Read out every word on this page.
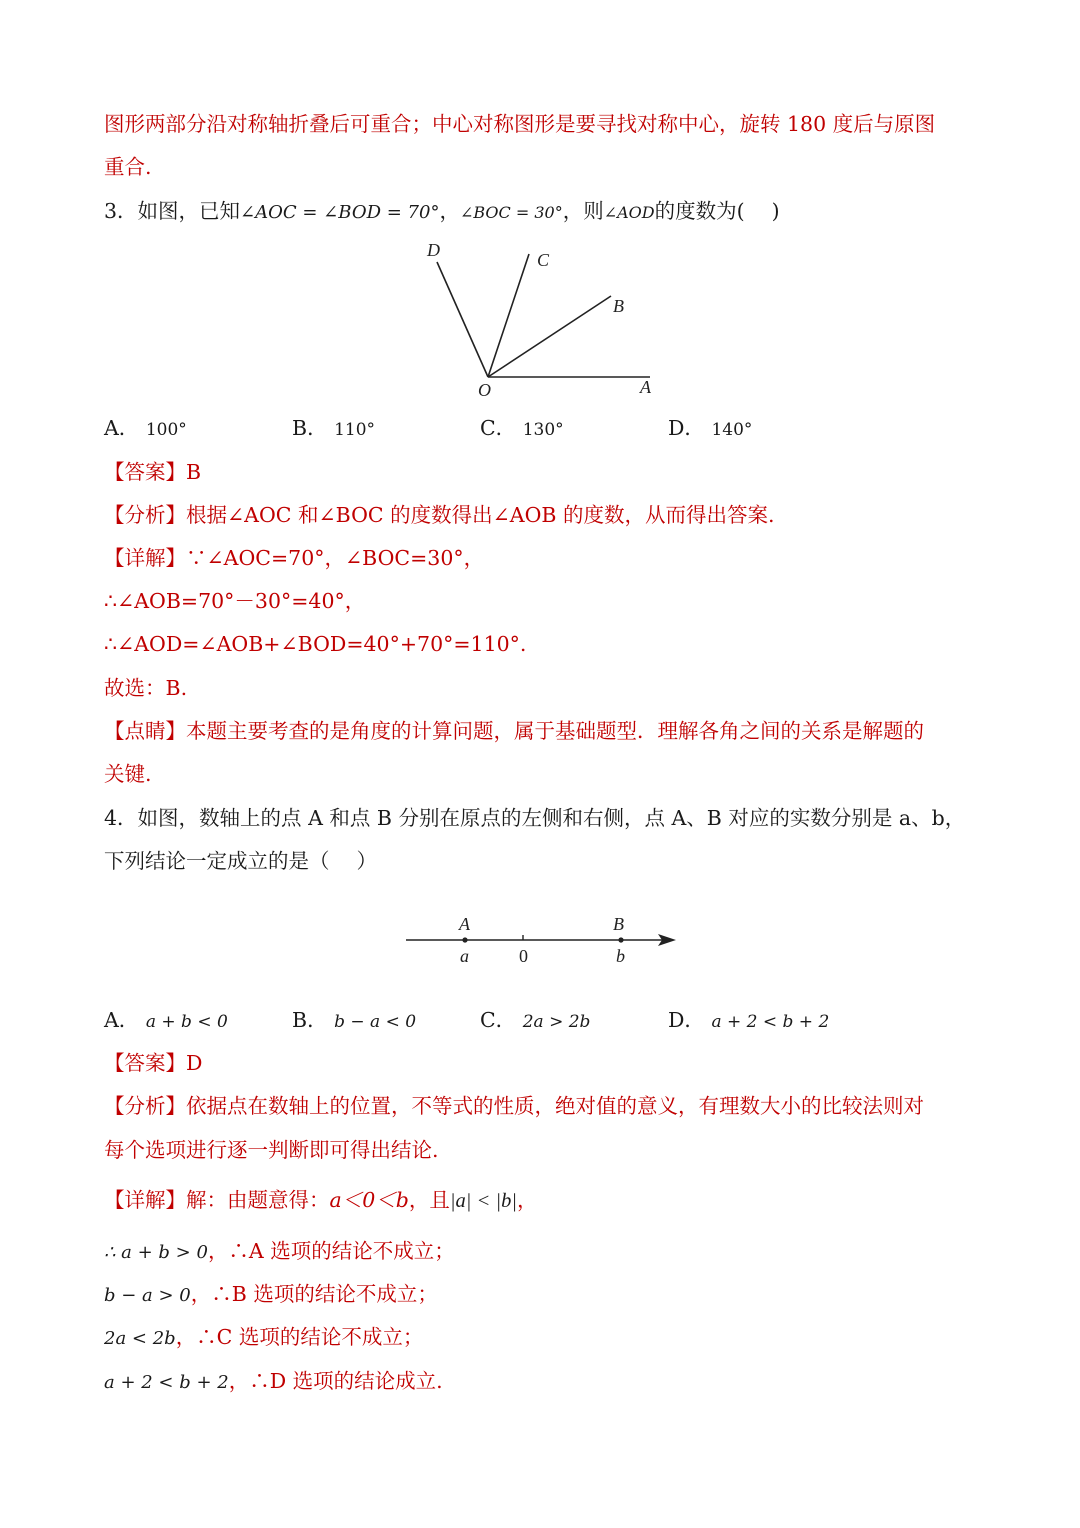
图形两部分沿对称轴折叠后可重合；中心对称图形是要寻找对称中心，旋转 180 度后与原图
重合.
3．如图，已知∠AOC = ∠BOD = 70°，∠BOC = 30°，则∠AOD的度数为(　 )
D	C
B
O	A
A． 100°	B． 110°	C． 130°	D． 140°
【答案】B
【分析】根据∠AOC 和∠BOC 的度数得出∠AOB 的度数，从而得出答案.
【详解】∵∠AOC=70°，∠BOC=30°，
∴∠AOB=70°－30°=40°，
∴∠AOD=∠AOB+∠BOD=40°+70°=110°.
故选：B.
【点睛】本题主要考查的是角度的计算问题，属于基础题型．理解各角之间的关系是解题的
关键.
4．如图，数轴上的点 A 和点 B 分别在原点的左侧和右侧，点 A、B 对应的实数分别是 a、b，
下列结论一定成立的是（　 ）
A	B
a	0	b
A． a + b < 0	B． b − a < 0	C． 2a > 2b	D． a + 2 < b + 2
【答案】D
【分析】依据点在数轴上的位置，不等式的性质，绝对值的意义，有理数大小的比较法则对
每个选项进行逐一判断即可得出结论.
【详解】解：由题意得：a＜0＜b，且|a| < |b|，
∴ a + b > 0，∴A 选项的结论不成立；
b − a > 0，∴B 选项的结论不成立；
2a < 2b，∴C 选项的结论不成立；
a + 2 < b + 2，∴D 选项的结论成立.
